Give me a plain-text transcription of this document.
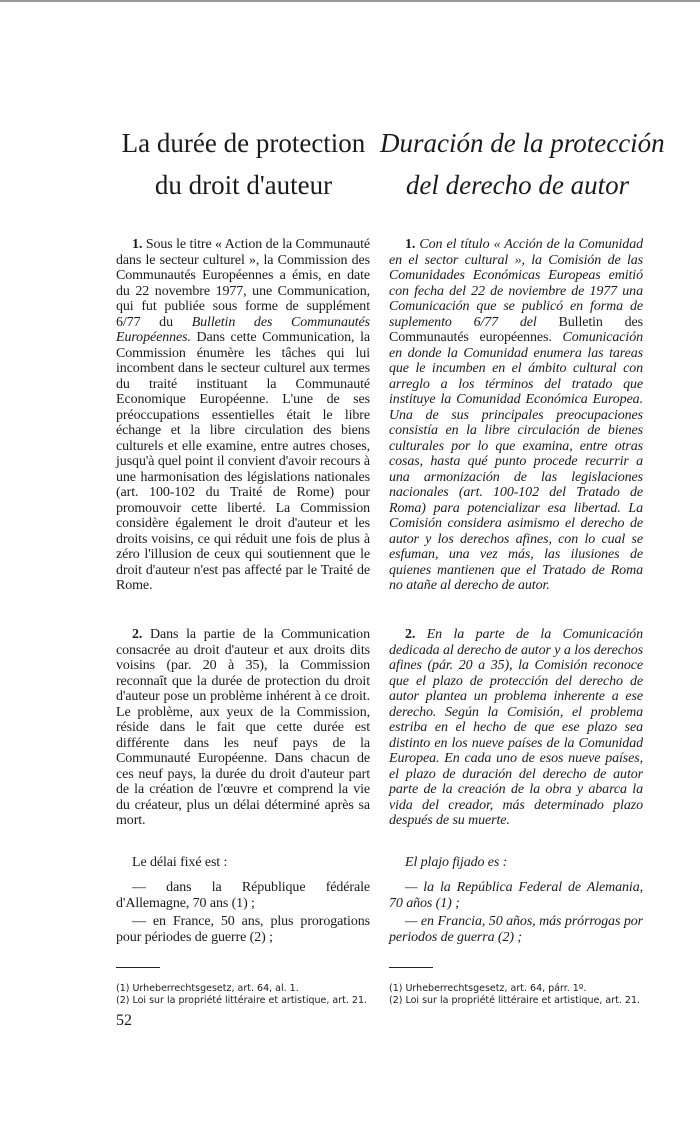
La durée de protection
du droit d'auteur
Duración de la protección
del derecho de autor

1. Sous le titre « Action de la Communauté dans le secteur culturel », la Commission des Communautés Européennes a émis, en date du 22 novembre 1977, une Communication, qui fut publiée sous forme de supplément 6/77 du Bulletin des Communautés Européennes. Dans cette Communication, la Commission énumère les tâches qui lui incombent dans le secteur culturel aux termes du traité instituant la Communauté Economique Européenne. L'une de ses préoccupations essentielles était le libre échange et la libre circulation des biens culturels et elle examine, entre autres choses, jusqu'à quel point il convient d'avoir recours à une harmonisation des législations nationales (art. 100-102 du Traité de Rome) pour promouvoir cette liberté. La Commission considère également le droit d'auteur et les droits voisins, ce qui réduit une fois de plus à zéro l'illusion de ceux qui soutiennent que le droit d'auteur n'est pas affecté par le Traité de Rome.

2. Dans la partie de la Communication consacrée au droit d'auteur et aux droits dits voisins (par. 20 à 35), la Commission reconnaît que la durée de protection du droit d'auteur pose un problème inhérent à ce droit. Le problème, aux yeux de la Commission, réside dans le fait que cette durée est différente dans les neuf pays de la Communauté Européenne. Dans chacun de ces neuf pays, la durée du droit d'auteur part de la création de l'œuvre et comprend la vie du créateur, plus un délai déterminé après sa mort.

Le délai fixé est :

— dans la République fédérale d'Allemagne, 70 ans (1) ;

— en France, 50 ans, plus prorogations pour périodes de guerre (2) ;

1. Con el título « Acción de la Comunidad en el sector cultural », la Comisión de las Comunidades Económicas Europeas emitió con fecha del 22 de noviembre de 1977 una Comunicación que se publicó en forma de suplemento 6/77 del Bulletin des Communautés européennes. Comunicación en donde la Comunidad enumera las tareas que le incumben en el ámbito cultural con arreglo a los términos del tratado que instituye la Comunidad Económica Europea. Una de sus principales preocupaciones consistía en la libre circulación de bienes culturales por lo que examina, entre otras cosas, hasta qué punto procede recurrir a una armonización de las legislaciones nacionales (art. 100-102 del Tratado de Roma) para potencializar esa libertad. La Comisión considera asimismo el derecho de autor y los derechos afines, con lo cual se esfuman, una vez más, las ilusiones de quienes mantienen que el Tratado de Roma no atañe al derecho de autor.

2. En la parte de la Comunicación dedicada al derecho de autor y a los derechos afines (pár. 20 a 35), la Comisión reconoce que el plazo de protección del derecho de autor plantea un problema inherente a ese derecho. Según la Comisión, el problema estriba en el hecho de que ese plazo sea distinto en los nueve países de la Comunidad Europea. En cada uno de esos nueve países, el plazo de duración del derecho de autor parte de la creación de la obra y abarca la vida del creador, más determinado plazo después de su muerte.

El plajo fijado es :

— la la República Federal de Alemania, 70 años (1) ;

— en Francia, 50 años, más prórrogas por periodos de guerra (2) ;

(1) Urheberrechtsgesetz, art. 64, al. 1.

(2) Loi sur la propriété littéraire et artistique, art. 21.

(1) Urheberrechtsgesetz, art. 64, párr. 1º.

(2) Loi sur la propriété littéraire et artistique, art. 21.

52
